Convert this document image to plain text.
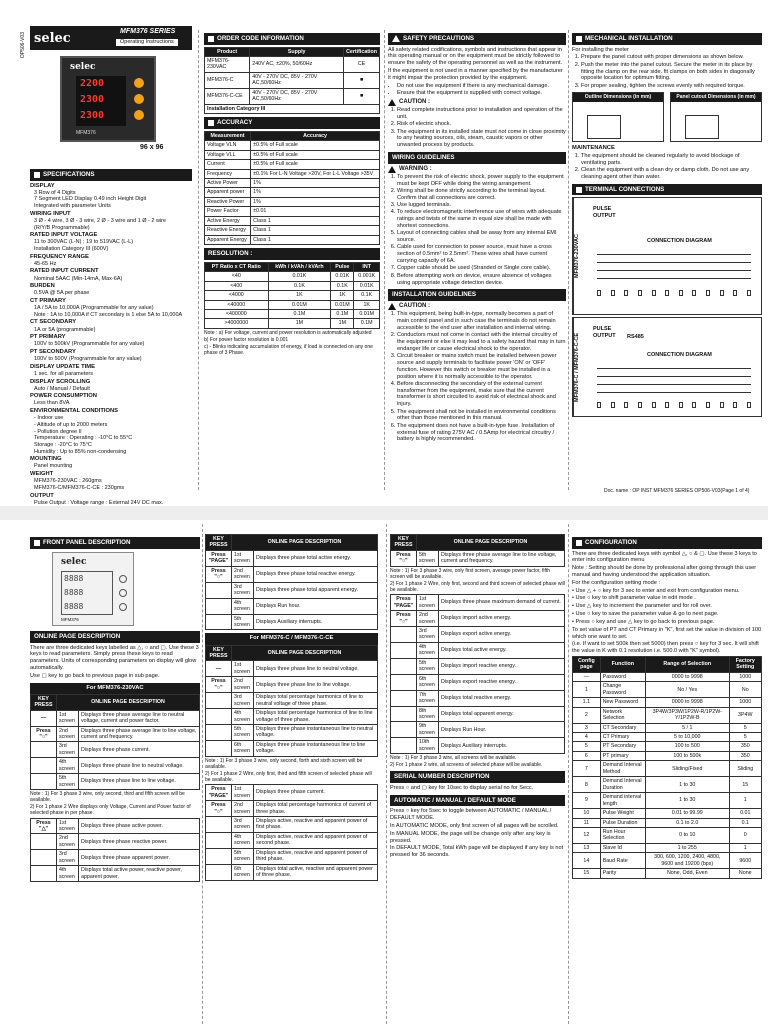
OP506-V03 selec	MFM376 SERIES
Operating Instructions
selec
2200
2300
2300
MFM376
96 x 96
SPECIFICATIONS
DISPLAY
3 Row of 4 Digits
7 Segment LED Display 0.49 inch Height Digit
Integrated with parameter Units
WIRING INPUT
3 Ø - 4 wire, 3 Ø - 3 wire, 2 Ø - 3 wire and 1 Ø - 2 wire
(R/Y/B Programmable)
RATED INPUT VOLTAGE
11 to 300VAC (L-N) ; 19 to 519VAC (L-L)
Installation Category III (600V)
FREQUENCY RANGE
45-65 Hz
RATED INPUT CURRENT
Nominal 5AAC (Min-14mA, Max-6A)
BURDEN
0.5VA @ 5A per phase
CT PRIMARY
1A / 5A to 10,000A (Programmable for any value)
Note : 1A to 10,000A if CT secondary is 1 else 5A to 10,000A
CT SECONDARY
1A or 5A (programmable)
PT PRIMARY
100V to 500kV (Programmable for any value)
PT SECONDARY
100V to 500V (Programmable for any value)
DISPLAY UPDATE TIME
1 sec. for all parameters
DISPLAY SCROLLING
Auto / Manual / Default
POWER CONSUMPTION
Less than 8VA
ENVIRONMENTAL CONDITIONS
- Indoor use
- Altitude of up to 2000 meters
- Pollution degree II
Temperature : Operating : -10°C to 55°C
Storage : -20°C to 75°C
Humidity : Up to 85% non-condensing
MOUNTING
Panel mounting
WEIGHT
MFM376-230VAC : 260gms
MFM376-C/MFM376-C-CE : 230gms
OUTPUT
Pulse Output : Voltage range : External 24V DC max.
ORDER CODE INFORMATION
Product	Supply	Certification
MFM376-230VAC	240V AC, ±20%, 50/60Hz	CE
MFM376-C	40V - 270V DC, 85V - 270V AC,50/60Hz	■
MFM376-C-CE	40V - 270V DC, 85V - 270V AC,50/60Hz	■
Installation Category III		
ACCURACY
Measurement	Accuracy
Voltage VLN	±0.5% of Full scale
Voltage VLL	±0.5% of Full scale
Current	±0.5% of Full scale
Frequency	±0.1% For L-N Voltage >20V, For L-L Voltage >35V
Active Power	1%
Apparent power	1%
Reactive Power	1%
Power Factor	±0.01
Active Energy	Class 1
Reactive Energy	Class 1
Apparent Energy	Class 1
RESOLUTION :
PT Ratio x CT Ratio	kWh / kVAh / kVArh	Pulse	INT
<40	0.01K	0.01K	0.001K
<400	0.1K	0.1K	0.01K
<4000	1K	1K	0.1K
<40000	0.01M	0.01M	1K
<400000	0.1M	0.1M	0.01M
>4000000	1M	1M	0.1M

Note : a) For voltage, current and power resolution is automatically adjusted

b) For power factor resolution is 0.001

c) - Blinks indicating accumulation of energy, if load is connected on any one phase of 3 Phase.

SAFETY PRECAUTIONS

All safety related codifications, symbols and instructions that appear in this operating manual or on the equipment must be strictly followed to ensure the safety of the operating personnel as well as the instrument.

If the equipment is not used in a manner specified by the manufacturer it might impair the protection provided by the equipment.

• Do not use the equipment if there is any mechanical damage.
• Ensure that the equipment is supplied with correct voltage.
CAUTION :
1. Read complete instructions prior to installation and operation of the unit.
2. Risk of electric shock.
3. The equipment in its installed state must not come in close proximity to any heating sources, oils, steam, caustic vapors or other unwanted process by products.
WIRING GUIDELINES
WARNING :
1. To prevent the risk of electric shock, power supply to the equipment must be kept OFF while doing the wiring arrangement.
2. Wiring shall be done strictly according to the terminal layout. Confirm that all connections are correct.
3. Use lugged terminals.
4. To reduce electromagnetic interference use of wires with adequate ratings and twists of the same in equal size shall be made with shortest connections.
5. Layout of connecting cables shall be away from any internal EMI source.
6. Cable used for connection to power source, must have a cross section of 0.5mm² to 2.5mm². These wires shall have current carrying capacity of 6A.
7. Copper cable should be used (Stranded or Single core cable).
8. Before attempting work on device, ensure absence of voltages using appropriate voltage detection device.
INSTALLATION GUIDELINES
CAUTION :
1. This equipment, being built-in-type, normally becomes a part of main control panel and in such case the terminals do not remain accessible to the end user after installation and internal wiring.
2. Conductors must not come in contact with the internal circuitry of the equipment or else it may lead to a safety hazard that may in turn endanger life or cause electrical shock to the operator.
3. Circuit breaker or mains switch must be installed between power source and supply terminals to facilitate power 'ON' or 'OFF' function. However this switch or breaker must be installed in a position where it is normally accessible to the operator.
4. Before disconnecting the secondary of the external current transformer from the equipment, make sure that the current transformer is short circuited to avoid risk of electrical shock and injury.
5. The equipment shall not be installed in environmental conditions other than those mentioned in this manual.
6. The equipment does not have a built-in-type fuse. Installation of external fuse of rating 275V AC / 0.5Amp for electrical circuitry / battery is highly recommended.
MECHANICAL INSTALLATION

For installing the meter

1. Prepare the panel cutout with proper dimensions as shown below.
2. Push the meter into the panel cutout. Secure the meter in its place by fitting the clamp on the rear side. fit clamps on both sides in diagonally opposite location for optimum fitting.
3. For proper sealing, tighten the screws evenly with required torque.
Outline Dimensions (in mm)	Panel cutout Dimensions (in mm)
MAINTENANCE
1. The equipment should be cleaned regularly to avoid blockage of ventilating parts.
2. Clean the equipment with a clean dry or damp cloth. Do not use any cleaning agent other than water.
TERMINAL CONNECTIONS
MFM376-230VAC
PULSE OUTPUT
CONNECTION DIAGRAM
MFM376-C / MFM376-C-CE
PULSE OUTPUT	RS485
CONNECTION DIAGRAM
Doc. name : OP INST MFM376 SERIES OP506-V03(Page 1 of 4)
FRONT PANEL DESCRIPTION
selec
8888
8888
8888
MFM376
ONLINE PAGE DESCRIPTION

There are three dedicated keys labelled as △, ○ and ▢. Use these 3 keys to read parameters. Simply press these keys to read parameters. Units of corresponding parameters on display will glow automatically.

Use ▢ key to go back to previous page in sub page.

For MFM376-230VAC
KEY PRESS	ONLINE PAGE DESCRIPTION	
—	1st screen	Displays three phase average line to neutral voltage, current and power factor.
Press "○"	2nd screen	Displays three phase average line to line voltage, current and frequency.
	3rd screen	Displays three phase current.
	4th screen	Displays three phase line to neutral voltage.
	5th screen	Displays three phase line to line voltage.

Note : 1) For 3 phase 3 wire, only second, third and fifth screen will be available.

2) For 1 phase 2 Wire displays only Voltage, Current and Power factor of selected phase in per phase.

Press "△"	1st screen	Displays three phase active power.
	2nd screen	Displays three phase reactive power.
	3rd screen	Displays three phase apparent power.
	4th screen	Displays total active power, reactive power, apparent power.
KEY PRESS	ONLINE PAGE DESCRIPTION	
Press "PAGE"	1st screen	Displays three phase total active energy.
Press "○"	2nd screen	Displays three phase total reactive energy.
	3rd screen	Displays three phase total apparent energy.
	4th screen	Displays Run hour.
	5th screen	Displays Auxiliary interrupts.
For MFM376-C / MFM376-C-CE
KEY PRESS	ONLINE PAGE DESCRIPTION	
—	1st screen	Displays three phase line to neutral voltage.
Press "○"	2nd screen	Displays three phase line to line voltage.
	3rd screen	Displays total percentage harmonics of line to neutral voltage of three phase.
	4th screen	Displays total percentage harmonics of line to line voltage of three phase.
	5th screen	Displays three phase instantaneous line to neutral voltage.
	6th screen	Displays three phase instantaneous line to line voltage.

Note : 1) For 3 phase 3 wire, only second, forth and sixth screen will be available.

2) For 1 phase 2 Wire, only first, third and fifth screen of selected phase will be available.

Press "PAGE"	1st screen	Displays three phase current.
Press "○"	2nd screen	Displays total percentage harmonics of current of three phase.
	3rd screen	Displays active, reactive and apparent power of first phase.
	4th screen	Displays active, reactive and apparent power of second phase.
	5th screen	Displays active, reactive and apparent power of third phase.
	6th screen	Displays total active, reactive and apparent power of three phase.
KEY PRESS	ONLINE PAGE DESCRIPTION	
Press "○"	5th screen	Displays three phase average line to line voltage, current and frequency.

Note : 1) For 3 phase 3 wire, only first screen, average power factor, fifth screen will be available.

2) For 1 phase 2 Wire, only first, second and third screen of selected phase will be available.

Press "PAGE"	1st screen	Displays three phase maximum demand of current.
Press "○"	2nd screen	Displays import active energy.
	3rd screen	Displays export active energy.
	4th screen	Displays total active energy.
	5th screen	Displays import reactive energy.
	6th screen	Displays export reactive energy.
	7th screen	Displays total reactive energy.
	8th screen	Displays total apparent energy.
	9th screen	Displays Run Hour.
	10th screen	Displays Auxiliary interrupts.

Note : 1) For 3 phase 3 wire, all screens will be available.

2) For 1 phase 2 wire, all screens of selected phase will be available.

SERIAL NUMBER DESCRIPTION

Press ○ and ▢ key for 10sec to display serial no for Secc.

AUTOMATIC / MANUAL / DEFAULT MODE

Press ○ key for 5sec to toggle between AUTOMATIC / MANUAL / DEFAULT MODE.

In AUTOMATIC MODE, only first screen of all pages will be scrolled.

In MANUAL MODE, the page will be change only after any key is pressed.

In DEFAULT MODE, Total kWh page will be displayed if any key is not pressed for 36 seconds.

CONFIGURATION

There are three dedicated keys with symbol △, ○ & ▢. Use these 3 keys to enter into configuration menu

Note : Setting should be done by professional after going through this user manual and having understood the application situation.

For the configuration setting mode :

• Use △ + ○ key for 3 sec to enter and exit from configuration menu.

• Use ○ key to shift parameter value in edit mode .

• Use △ key to increment the parameter and for roll over.

• Use ○ key to save the parameter value & go to next page.

• Press ○ key and use △ key to go back to previous page.

To set value of PT and CT Primary in "K", first set the value in division of 100 which one want to set.

(i.e. If want to set 500k then set 5000) then press ○ key for 3 sec. It will shift the value in K with 0.1 resolution i.e. 500.0 with "K" symbol).

Config page	Function	Range of Selection	Factory Setting
—	Password	0000 to 9998	1000
1	Change Password	No / Yes	No
1.1	New Password	0000 to 9998	1000
2	Network Selection	3P4W/3P3W/1P2W-R/1P2W-Y/1P2W-B	3P4W
3	CT Secondary	5 / 1	5
4	CT Primary	5 to 10,000	5
5	PT Secondary	100 to 500	350
6	PT primary	100 to 500k	350
7	Demand Interval Method	Sliding/Fixed	Sliding
8	Demand Interval Duration	1 to 30	15
9	Demand interval length	1 to 30	1
10	Pulse Weight	0.01 to 99.99	0.01
11	Pulse Duration	0.1 to 2.0	0.1
12	Run Hour Selection	0 to 10	0
13	Slave Id	1 to 255	1
14	Baud Rate	300, 600, 1200, 2400, 4800, 9600 and 19200 (bps)	9600
15	Parity	None, Odd, Even	None
